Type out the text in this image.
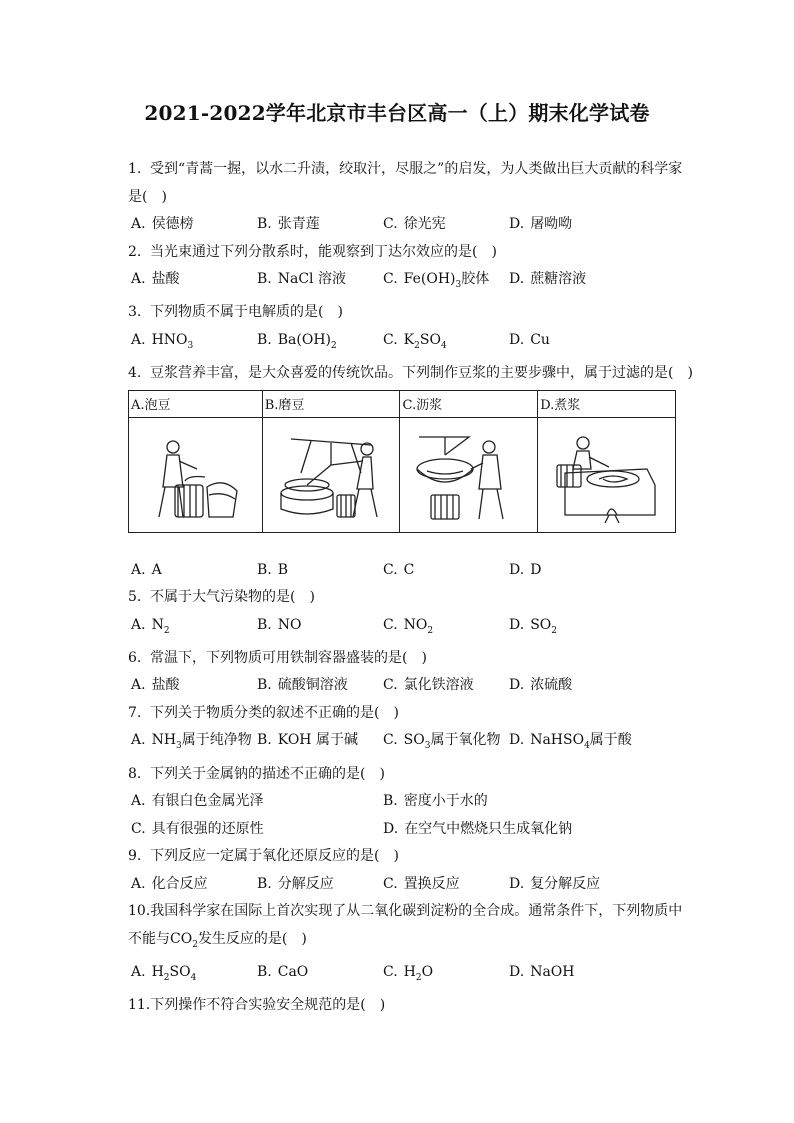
2021-2022学年北京市丰台区高一（上）期末化学试卷
1. 受到“青蒿一握，以水二升渍，绞取汁，尽服之”的启发，为人类做出巨大贡献的科学家是(　)
A. 侯德榜	B. 张青莲	C. 徐光宪	D. 屠呦呦
2. 当光束通过下列分散系时，能观察到丁达尔效应的是(　)
A. 盐酸	B. NaCl 溶液	C. $Fe(OH)_3$胶体	D. 蔗糖溶液
3. 下列物质不属于电解质的是(　)
A. $HNO_3$	B. $Ba(OH)_2$	C. $K_2SO_4$	D. Cu
4. 豆浆营养丰富，是大众喜爱的传统饮品。下列制作豆浆的主要步骤中，属于过滤的是(　)
A.泡豆	B.磨豆	C.沥浆	D.煮浆

A. A	B. B	C. C	D. D
5. 不属于大气污染物的是(　)
A. $N_2$	B. NO	C. $NO_2$	D. $SO_2$
6. 常温下，下列物质可用铁制容器盛装的是(　)
A. 盐酸	B. 硫酸铜溶液	C. 氯化铁溶液	D. 浓硫酸
7. 下列关于物质分类的叙述不正确的是(　)
A. $NH_3$属于纯净物 B. KOH 属于碱	C. $SO_3$属于氧化物 D. NaHSO$_4$属于酸
8. 下列关于金属钠的描述不正确的是(　)
A. 有银白色金属光泽	B. 密度小于水的
C. 具有很强的还原性	D. 在空气中燃烧只生成氧化钠
9. 下列反应一定属于氧化还原反应的是(　)
A. 化合反应	B. 分解反应	C. 置换反应	D. 复分解反应
10.我国科学家在国际上首次实现了从二氧化碳到淀粉的全合成。通常条件下，下列物质中不能与$CO_2$发生反应的是(　)
A. $H_2SO_4$	B. CaO	C. $H_2O$	D. NaOH
11.下列操作不符合实验安全规范的是(　)
